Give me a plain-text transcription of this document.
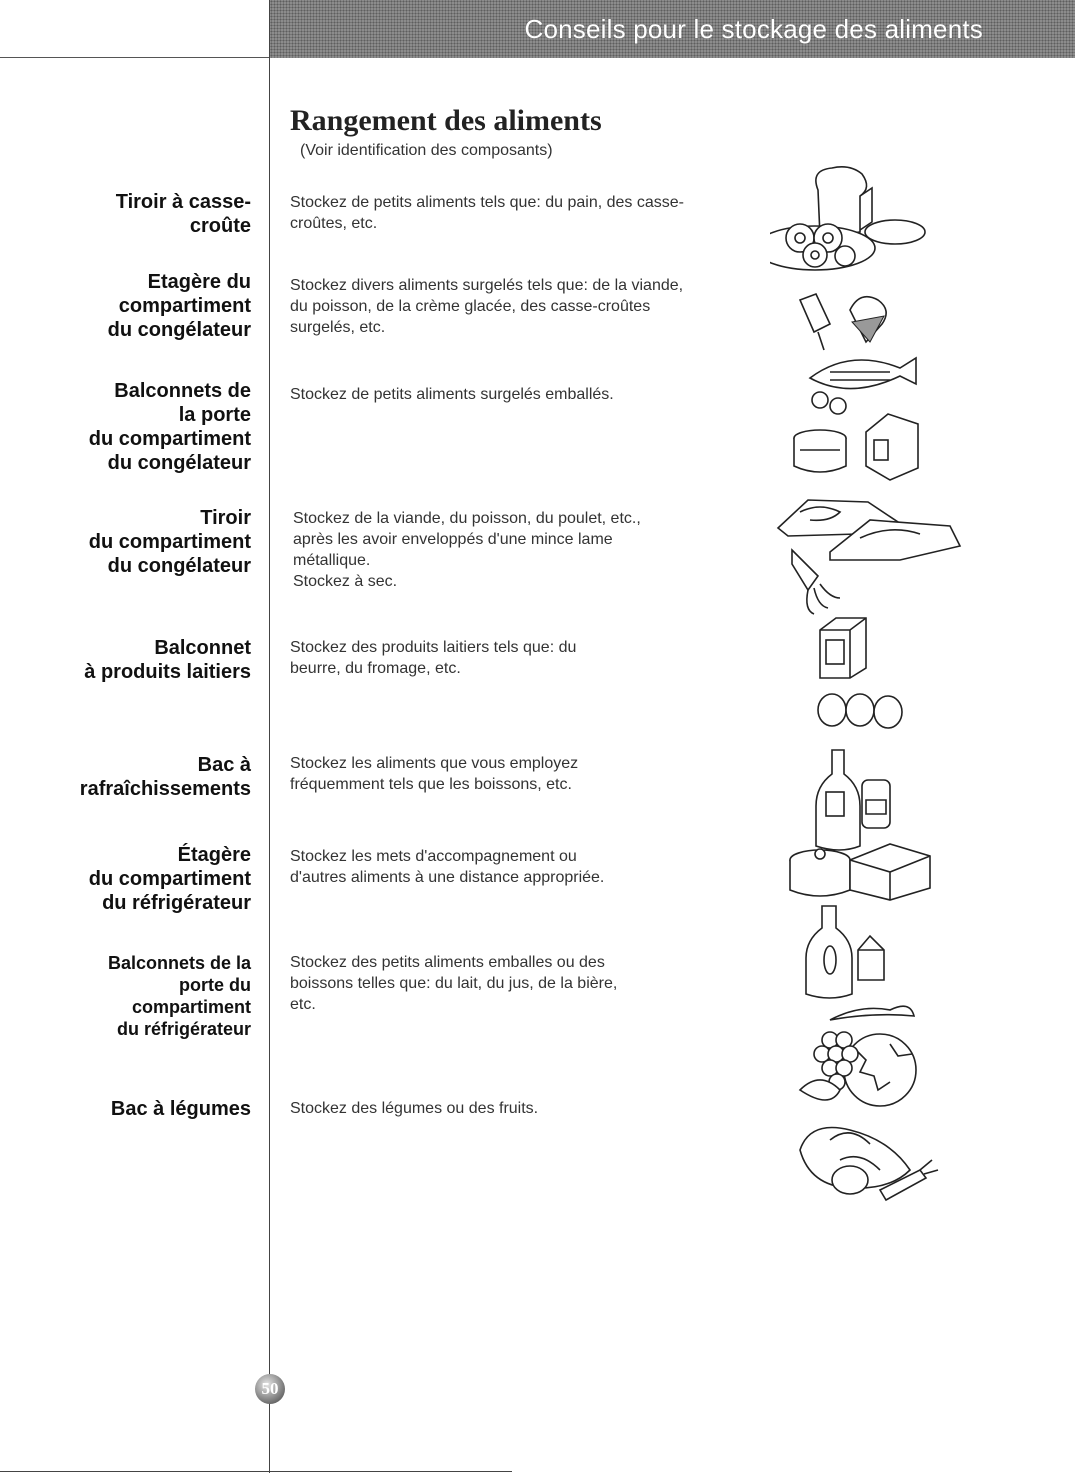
Conseils pour le stockage des aliments
Rangement des aliments
(Voir identification des composants)
Tiroir à casse-
croûte
Stockez de petits aliments tels que: du pain, des casse-
croûtes, etc.
Etagère du
compartiment
du congélateur
Stockez divers aliments surgelés tels que: de la viande,
du poisson, de la crème glacée, des casse-croûtes
surgelés, etc.
Balconnets de
la porte
du compartiment
du congélateur
Stockez de petits aliments surgelés emballés.
Tiroir
du compartiment
du congélateur
Stockez de la viande, du poisson, du poulet, etc.,
après les avoir enveloppés d'une mince lame
métallique.
Stockez à sec.
Balconnet
à produits laitiers
Stockez des produits laitiers tels que: du
beurre, du fromage, etc.
Bac à
rafraîchissements
Stockez les aliments que vous employez
fréquemment tels que les boissons, etc.
Étagère
du compartiment
du réfrigérateur
Stockez les mets d'accompagnement ou
d'autres aliments à une distance appropriée.
Balconnets de la
porte du
compartiment
du réfrigérateur
Stockez des petits aliments emballes ou des
boissons telles que: du lait, du jus, de la bière,
etc.
Bac à légumes Stockez des légumes ou des fruits.
50
